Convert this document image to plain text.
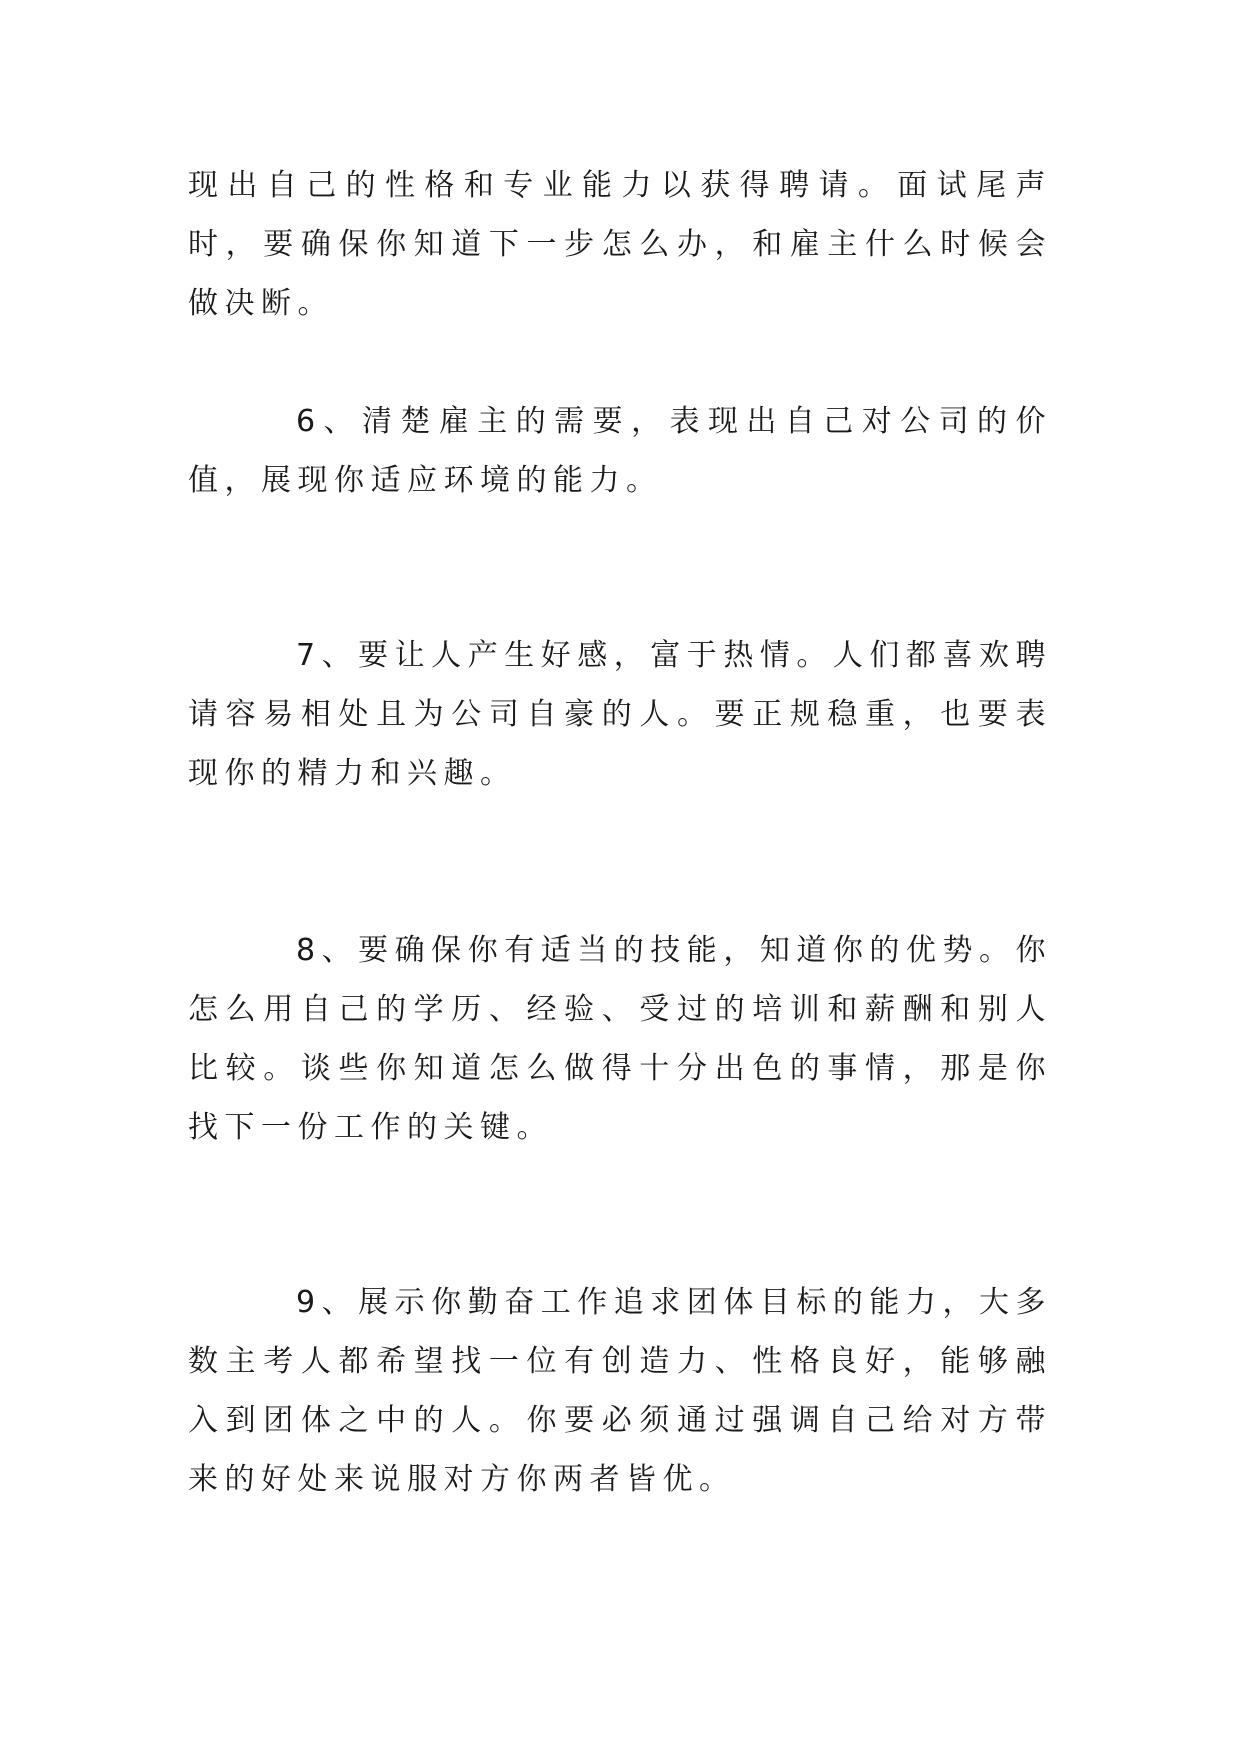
现出自己的性格和专业能力以获得聘请。面试尾声时，要确保你知道下一步怎么办，和雇主什么时候会做决断。

6、清楚雇主的需要，表现出自己对公司的价值，展现你适应环境的能力。

7、要让人产生好感，富于热情。人们都喜欢聘请容易相处且为公司自豪的人。要正规稳重，也要表现你的精力和兴趣。

8、要确保你有适当的技能，知道你的优势。你怎么用自己的学历、经验、受过的培训和薪酬和别人比较。谈些你知道怎么做得十分出色的事情，那是你找下一份工作的关键。

9、展示你勤奋工作追求团体目标的能力，大多数主考人都希望找一位有创造力、性格良好，能够融入到团体之中的人。你要必须通过强调自己给对方带来的好处来说服对方你两者皆优。
